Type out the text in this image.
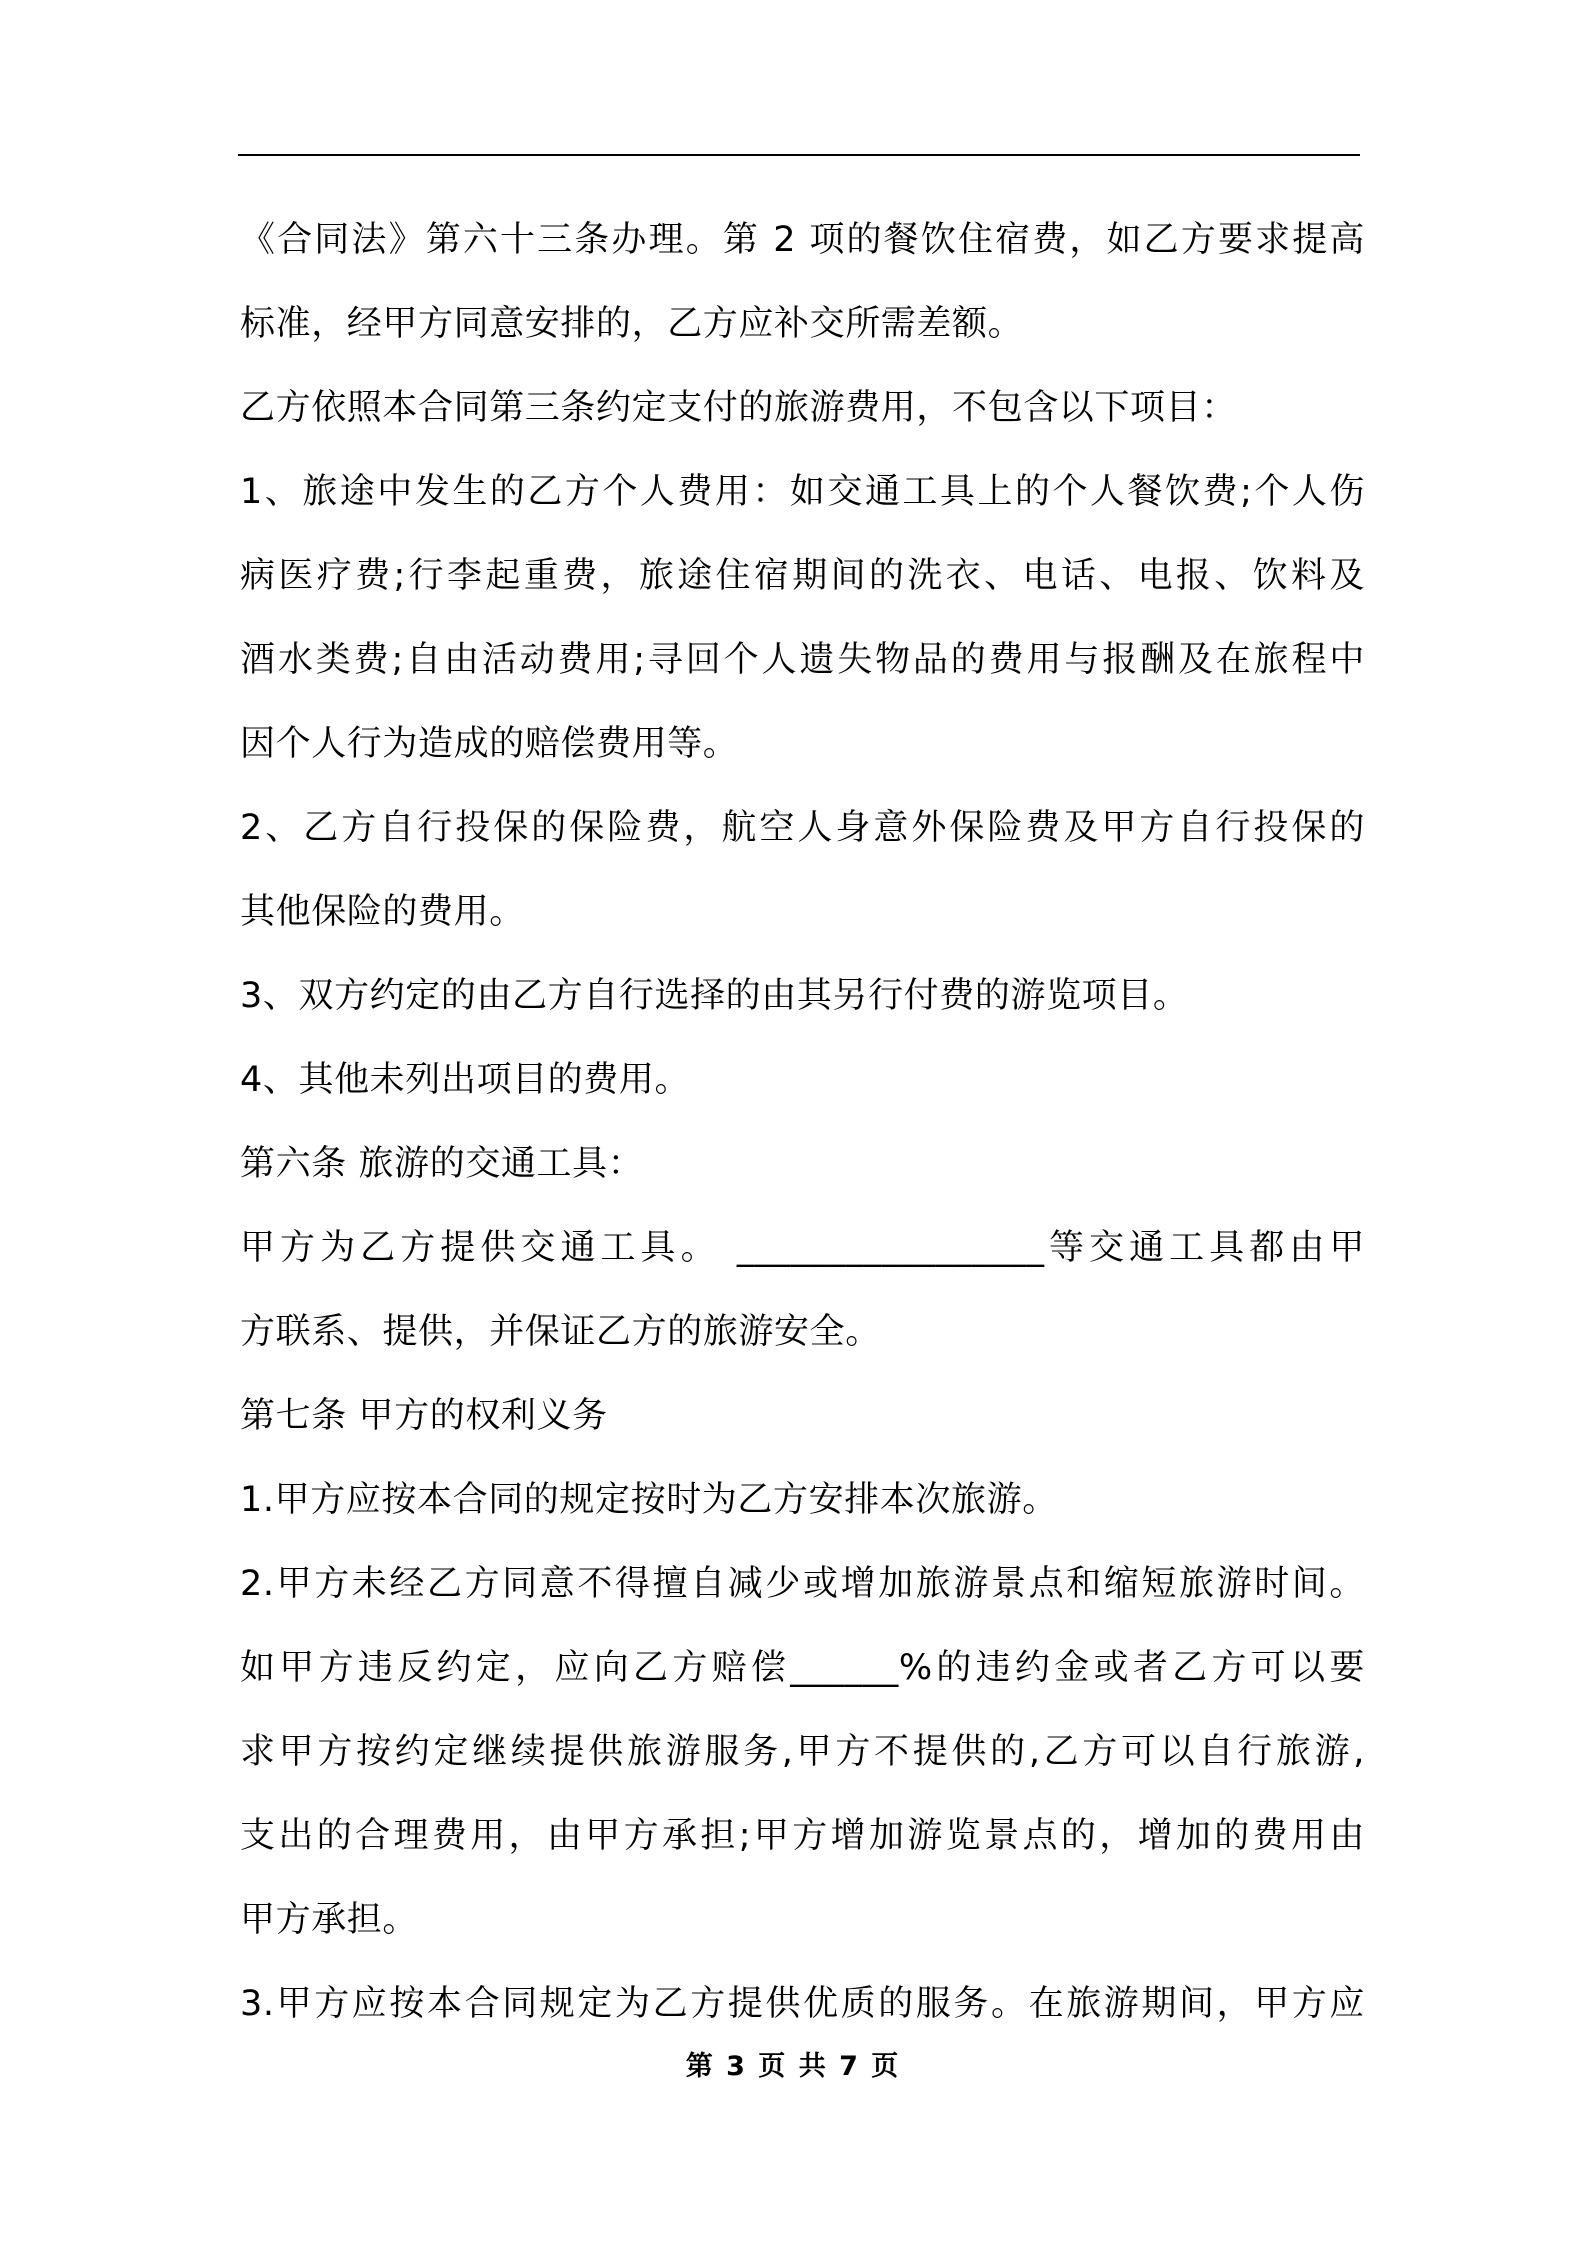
《合同法》第六十三条办理。第 2 项的餐饮住宿费，如乙方要求提高
标准，经甲方同意安排的，乙方应补交所需差额。
乙方依照本合同第三条约定支付的旅游费用，不包含以下项目：
1、旅途中发生的乙方个人费用：如交通工具上的个人餐饮费;个人伤
病医疗费;行李起重费，旅途住宿期间的洗衣、电话、电报、饮料及
酒水类费;自由活动费用;寻回个人遗失物品的费用与报酬及在旅程中
因个人行为造成的赔偿费用等。
2、乙方自行投保的保险费，航空人身意外保险费及甲方自行投保的
其他保险的费用。
3、双方约定的由乙方自行选择的由其另行付费的游览项目。
4、其他未列出项目的费用。
第六条 旅游的交通工具：
甲方为乙方提供交通工具。 _________________等交通工具都由甲
方联系、提供，并保证乙方的旅游安全。
第七条 甲方的权利义务
1.甲方应按本合同的规定按时为乙方安排本次旅游。
2.甲方未经乙方同意不得擅自减少或增加旅游景点和缩短旅游时间。
如甲方违反约定，应向乙方赔偿______%的违约金或者乙方可以要
求甲方按约定继续提供旅游服务,甲方不提供的,乙方可以自行旅游,
支出的合理费用，由甲方承担;甲方增加游览景点的，增加的费用由
甲方承担。
3.甲方应按本合同规定为乙方提供优质的服务。在旅游期间，甲方应
第 3 页 共 7 页
